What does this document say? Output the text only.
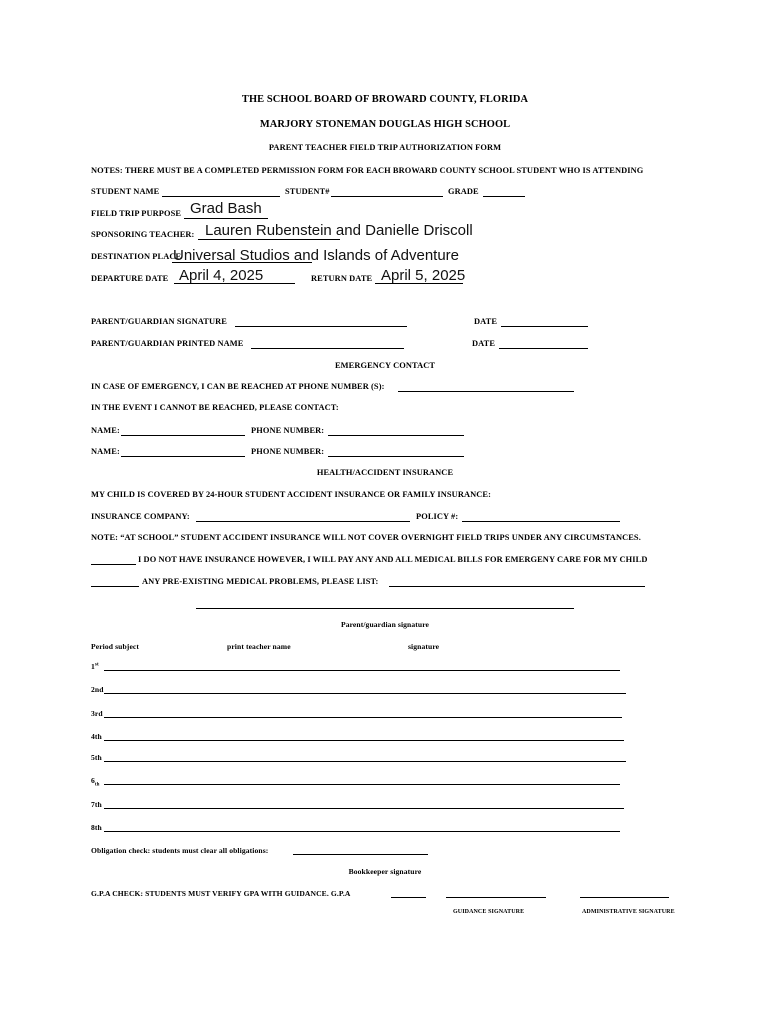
THE SCHOOL BOARD OF BROWARD COUNTY, FLORIDA
MARJORY STONEMAN DOUGLAS HIGH SCHOOL
PARENT TEACHER FIELD TRIP AUTHORIZATION FORM
NOTES: THERE MUST BE A COMPLETED PERMISSION FORM FOR EACH BROWARD COUNTY SCHOOL STUDENT WHO IS ATTENDING
STUDENT NAME	STUDENT#	GRADE
FIELD TRIP PURPOSE Grad Bash
SPONSORING TEACHER: Lauren Rubenstein and Danielle Driscoll
DESTINATION PLACE
Universal Studios and Islands of Adventure
DEPARTURE DATE April 4, 2025	RETURN DATE April 5, 2025
PARENT/GUARDIAN SIGNATURE	DATE
PARENT/GUARDIAN PRINTED NAME	DATE
EMERGENCY CONTACT
IN CASE OF EMERGENCY, I CAN BE REACHED AT PHONE NUMBER (S):
IN THE EVENT I CANNOT BE REACHED, PLEASE CONTACT:
NAME:	PHONE NUMBER:
NAME:	PHONE NUMBER:
HEALTH/ACCIDENT INSURANCE
MY CHILD IS COVERED BY 24-HOUR STUDENT ACCIDENT INSURANCE OR FAMILY INSURANCE:
INSURANCE COMPANY:	POLICY #:
NOTE: “AT SCHOOL” STUDENT ACCIDENT INSURANCE WILL NOT COVER OVERNIGHT FIELD TRIPS UNDER ANY CIRCUMSTANCES.
I DO NOT HAVE INSURANCE HOWEVER, I WILL PAY ANY AND ALL MEDICAL BILLS FOR EMERGENY CARE FOR MY CHILD
ANY PRE-EXISTING MEDICAL PROBLEMS, PLEASE LIST:
Parent/guardian signature
Period subject	print teacher name	signature
1st
2nd
3rd
4th
5th
$6_{th}$
7th
8th
Obligation check: students must clear all obligations:
Bookkeeper signature
G.P.A CHECK: STUDENTS MUST VERIFY GPA WITH GUIDANCE. G.P.A
GUIDANCE SIGNATURE	ADMINISTRATIVE SIGNATURE
